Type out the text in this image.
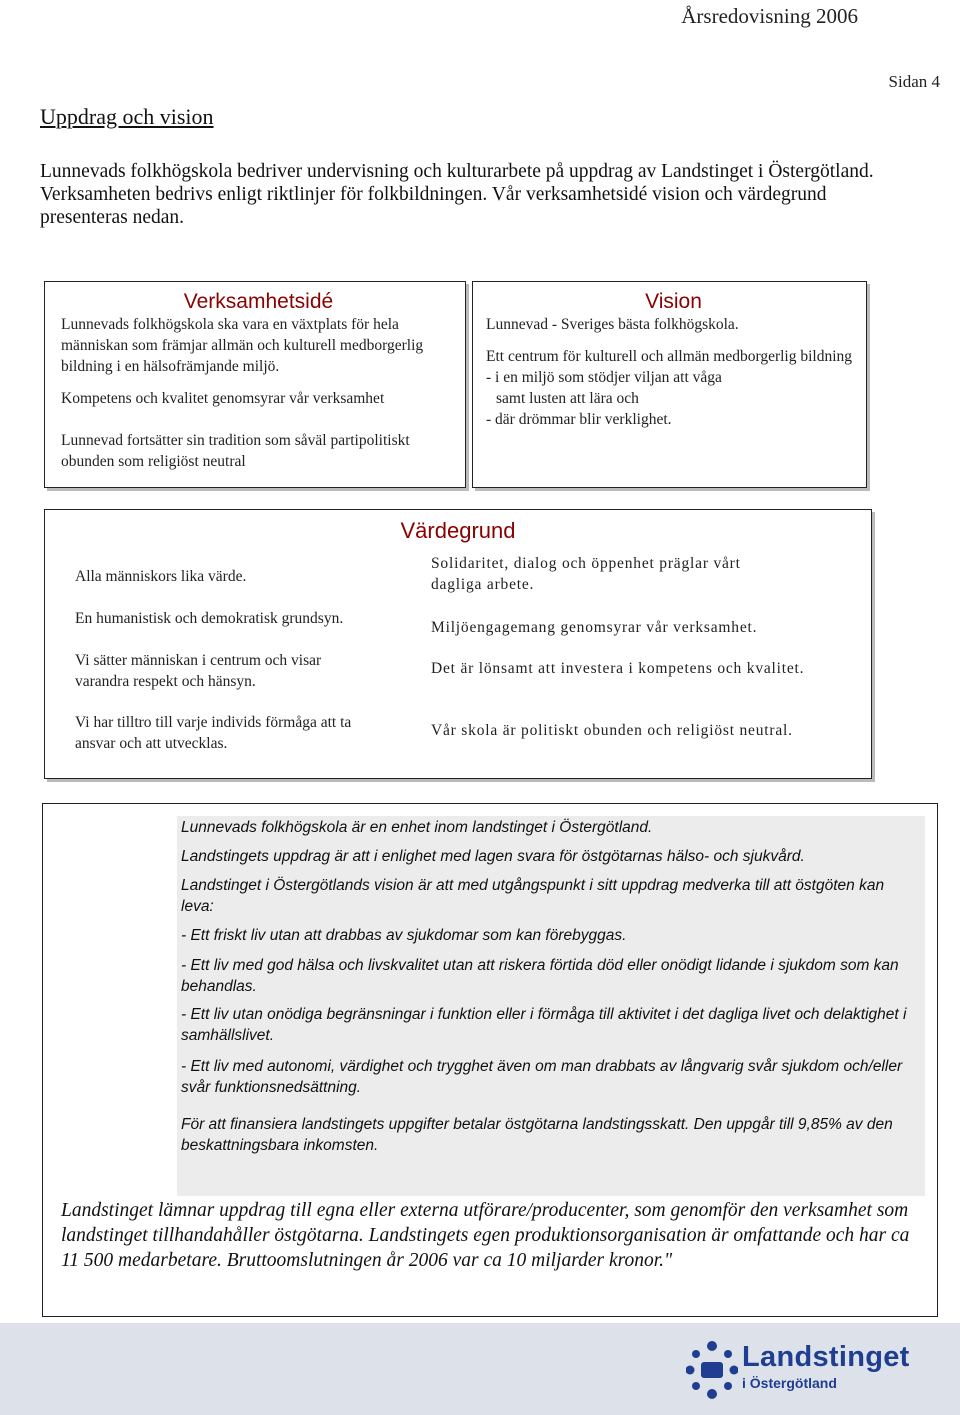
Årsredovisning 2006
Sidan 4
Uppdrag och vision
Lunnevads folkhögskola bedriver undervisning och kulturarbete på uppdrag av Landstinget i Östergötland. Verksamheten bedrivs enligt riktlinjer för folkbildningen. Vår verksamhetsidé vision och värdegrund presenteras nedan.
Verksamhetsidé

Lunnevads folkhögskola ska vara en växtplats för hela människan som främjar allmän och kulturell medborgerlig bildning i en hälsofrämjande miljö.

Kompetens och kvalitet genomsyrar vår verksamhet

Lunnevad fortsätter sin tradition som såväl partipolitiskt obunden som religiöst neutral

Vision

Lunnevad - Sveriges bästa folkhögskola.

Ett centrum för kulturell och allmän medborgerlig bildning

- i en miljö som stödjer viljan att våga

samt lusten att lära och

- där drömmar blir verklighet.

Värdegrund
Alla människors lika värde.
En humanistisk och demokratisk grundsyn.
Vi sätter människan i centrum och visar varandra respekt och hänsyn.
Vi har tilltro till varje individs förmåga att ta ansvar och att utvecklas.
Solidaritet, dialog och öppenhet präglar vårt dagliga arbete.
Miljöengagemang genomsyrar vår verksamhet.
Det är lönsamt att investera i kompetens och kvalitet.
Vår skola är politiskt obunden och religiöst neutral.
Lunnevads folkhögskola är en enhet inom landstinget i Östergötland.
Landstingets uppdrag är att i enlighet med lagen svara för östgötarnas hälso- och sjukvård.
Landstinget i Östergötlands vision är att med utgångspunkt i sitt uppdrag medverka till att östgöten kan leva:
- Ett friskt liv utan att drabbas av sjukdomar som kan förebyggas.
- Ett liv med god hälsa och livskvalitet utan att riskera förtida död eller onödigt lidande i sjukdom som kan behandlas.
- Ett liv utan onödiga begränsningar i funktion eller i förmåga till aktivitet i det dagliga livet och delaktighet i samhällslivet.
- Ett liv med autonomi, värdighet och trygghet även om man drabbats av långvarig svår sjukdom och/eller svår funktionsnedsättning.
För att finansiera landstingets uppgifter betalar östgötarna landstingsskatt. Den uppgår till 9,85% av den beskattningsbara inkomsten.
Landstinget lämnar uppdrag till egna eller externa utförare/producenter, som genomför den verksamhet som landstinget tillhandahåller östgötarna. Landstingets egen produktionsorganisation är omfattande och har ca 11 500 medarbetare. Bruttoomslutningen år 2006 var ca 10 miljarder kronor."
Landstinget
i Östergötland
